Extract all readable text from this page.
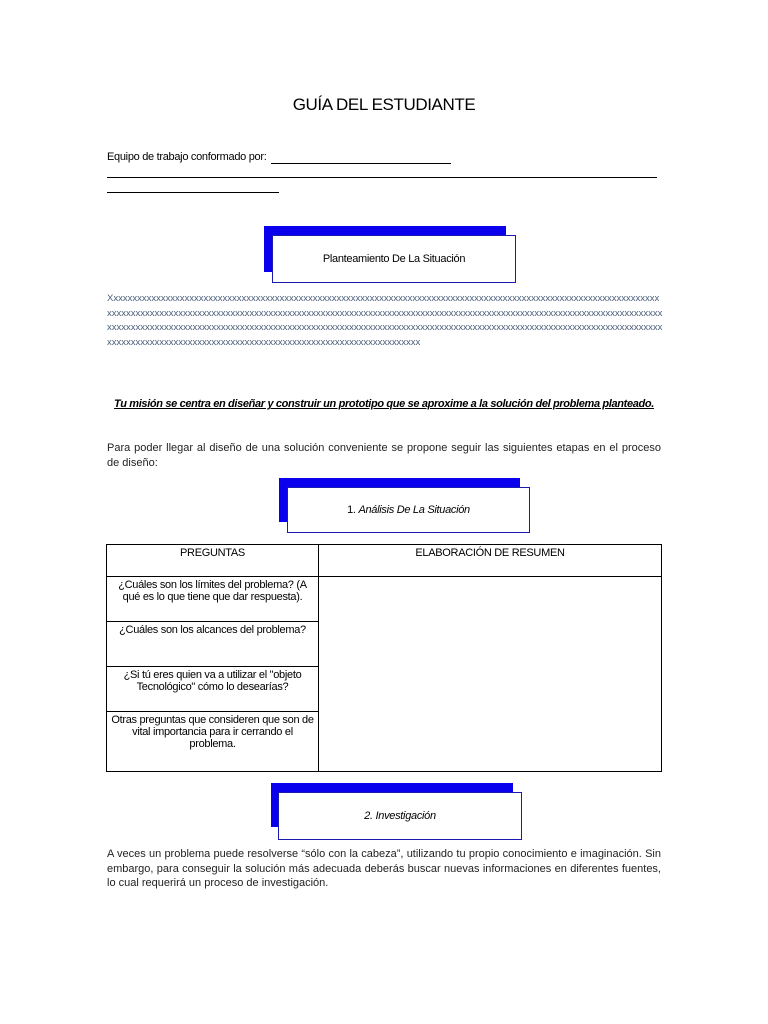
GUÍA DEL ESTUDIANTE
Equipo de trabajo conformado por:
Planteamiento De La Situación
Xxxxxxxxxxxxxxxxxxxxxxxxxxxxxxxxxxxxxxxxxxxxxxxxxxxxxxxxxxxxxxxxxxxxxxxxxxxxxxxxxxxxxxxxxxxxxxxxxxxxxxxxxxxxxxxxxxxxxxxxxxxxxxxxxxxxxxxxxxxxxxxxxxxxxxxxxxxxxxxxxxxxxxxxxxxxxxxxxxxxxxxxxxxxxxxxxxxxxxxxxxxxxxxxxxxxxxxxxxxxxxxxxxxxxxxxxxxxxxxxxxxxxxxxxxxxxxxxxxxxxxxxxxxxxxxxxxxxxxxxxxxxxxxxxxxxxxxxxxxxxxxxxxxxxxxxxxxxxxxxxxxxxxxxxxxxxxxxxxxxxxxxxxxxxxxxxxxxxxxxxxxxxxxxxxxxxxxxxxxxxxxxxxxxxxxxxxxxxxxxxxxxxxxxxxxxxxxx
Tu misión se centra en diseñar y construir un prototipo que se aproxime a la solución del problema planteado.
Para poder llegar al diseño de una solución conveniente se propone seguir las siguientes etapas en el proceso de diseño:
1.
Análisis De La Situación
PREGUNTAS	ELABORACIÓN DE RESUMEN
¿Cuáles son los límites del problema? (A qué es lo que tiene que dar respuesta).	
¿Cuáles son los alcances del problema?	
¿Si tú eres quien va a utilizar el "objeto Tecnológico" cómo lo desearías?	
Otras preguntas que consideren que son de vital importancia para ir cerrando el problema.	
2. Investigación
A veces un problema puede resolverse “sólo con la cabeza”, utilizando tu propio conocimiento e imaginación. Sin embargo, para conseguir la solución más adecuada deberás buscar nuevas informaciones en diferentes fuentes, lo cual requerirá un proceso de investigación.
